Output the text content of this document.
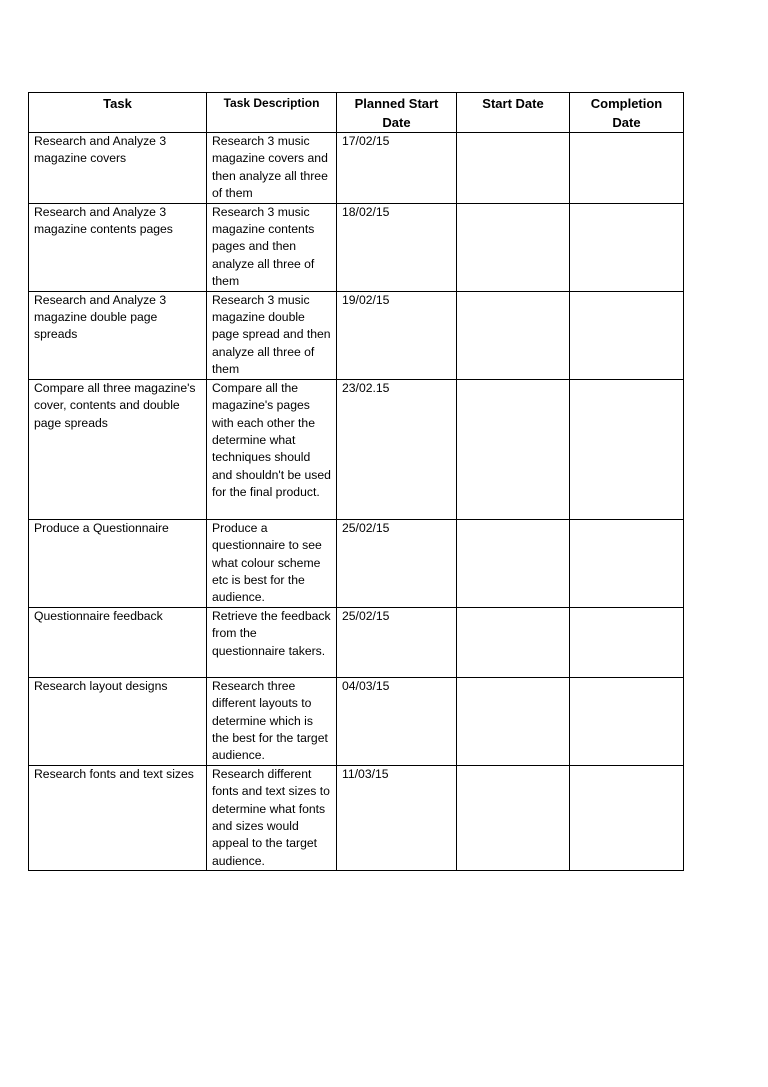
Task	Task Description	Planned Start Date	Start Date	Completion Date
Research and Analyze 3 magazine covers	Research 3 music magazine covers and then analyze all three of them	17/02/15		
Research and Analyze 3 magazine contents pages	Research 3 music magazine contents pages and then analyze all three of them	18/02/15		
Research and Analyze 3 magazine double page spreads	Research 3 music magazine double page spread and then analyze all three of them	19/02/15		
Compare all three magazine's cover, contents and double page spreads	Compare all the magazine's pages with each other the determine what techniques should and shouldn't be used for the final product.	23/02.15		
Produce a Questionnaire	Produce a questionnaire to see what colour scheme etc is best for the audience.	25/02/15		
Questionnaire feedback	Retrieve the feedback from the questionnaire takers.	25/02/15		
Research layout designs	Research three different layouts to determine which is the best for the target audience.	04/03/15		
Research fonts and text sizes	Research different fonts and text sizes to determine what fonts and sizes would appeal to the target audience.	11/03/15		
